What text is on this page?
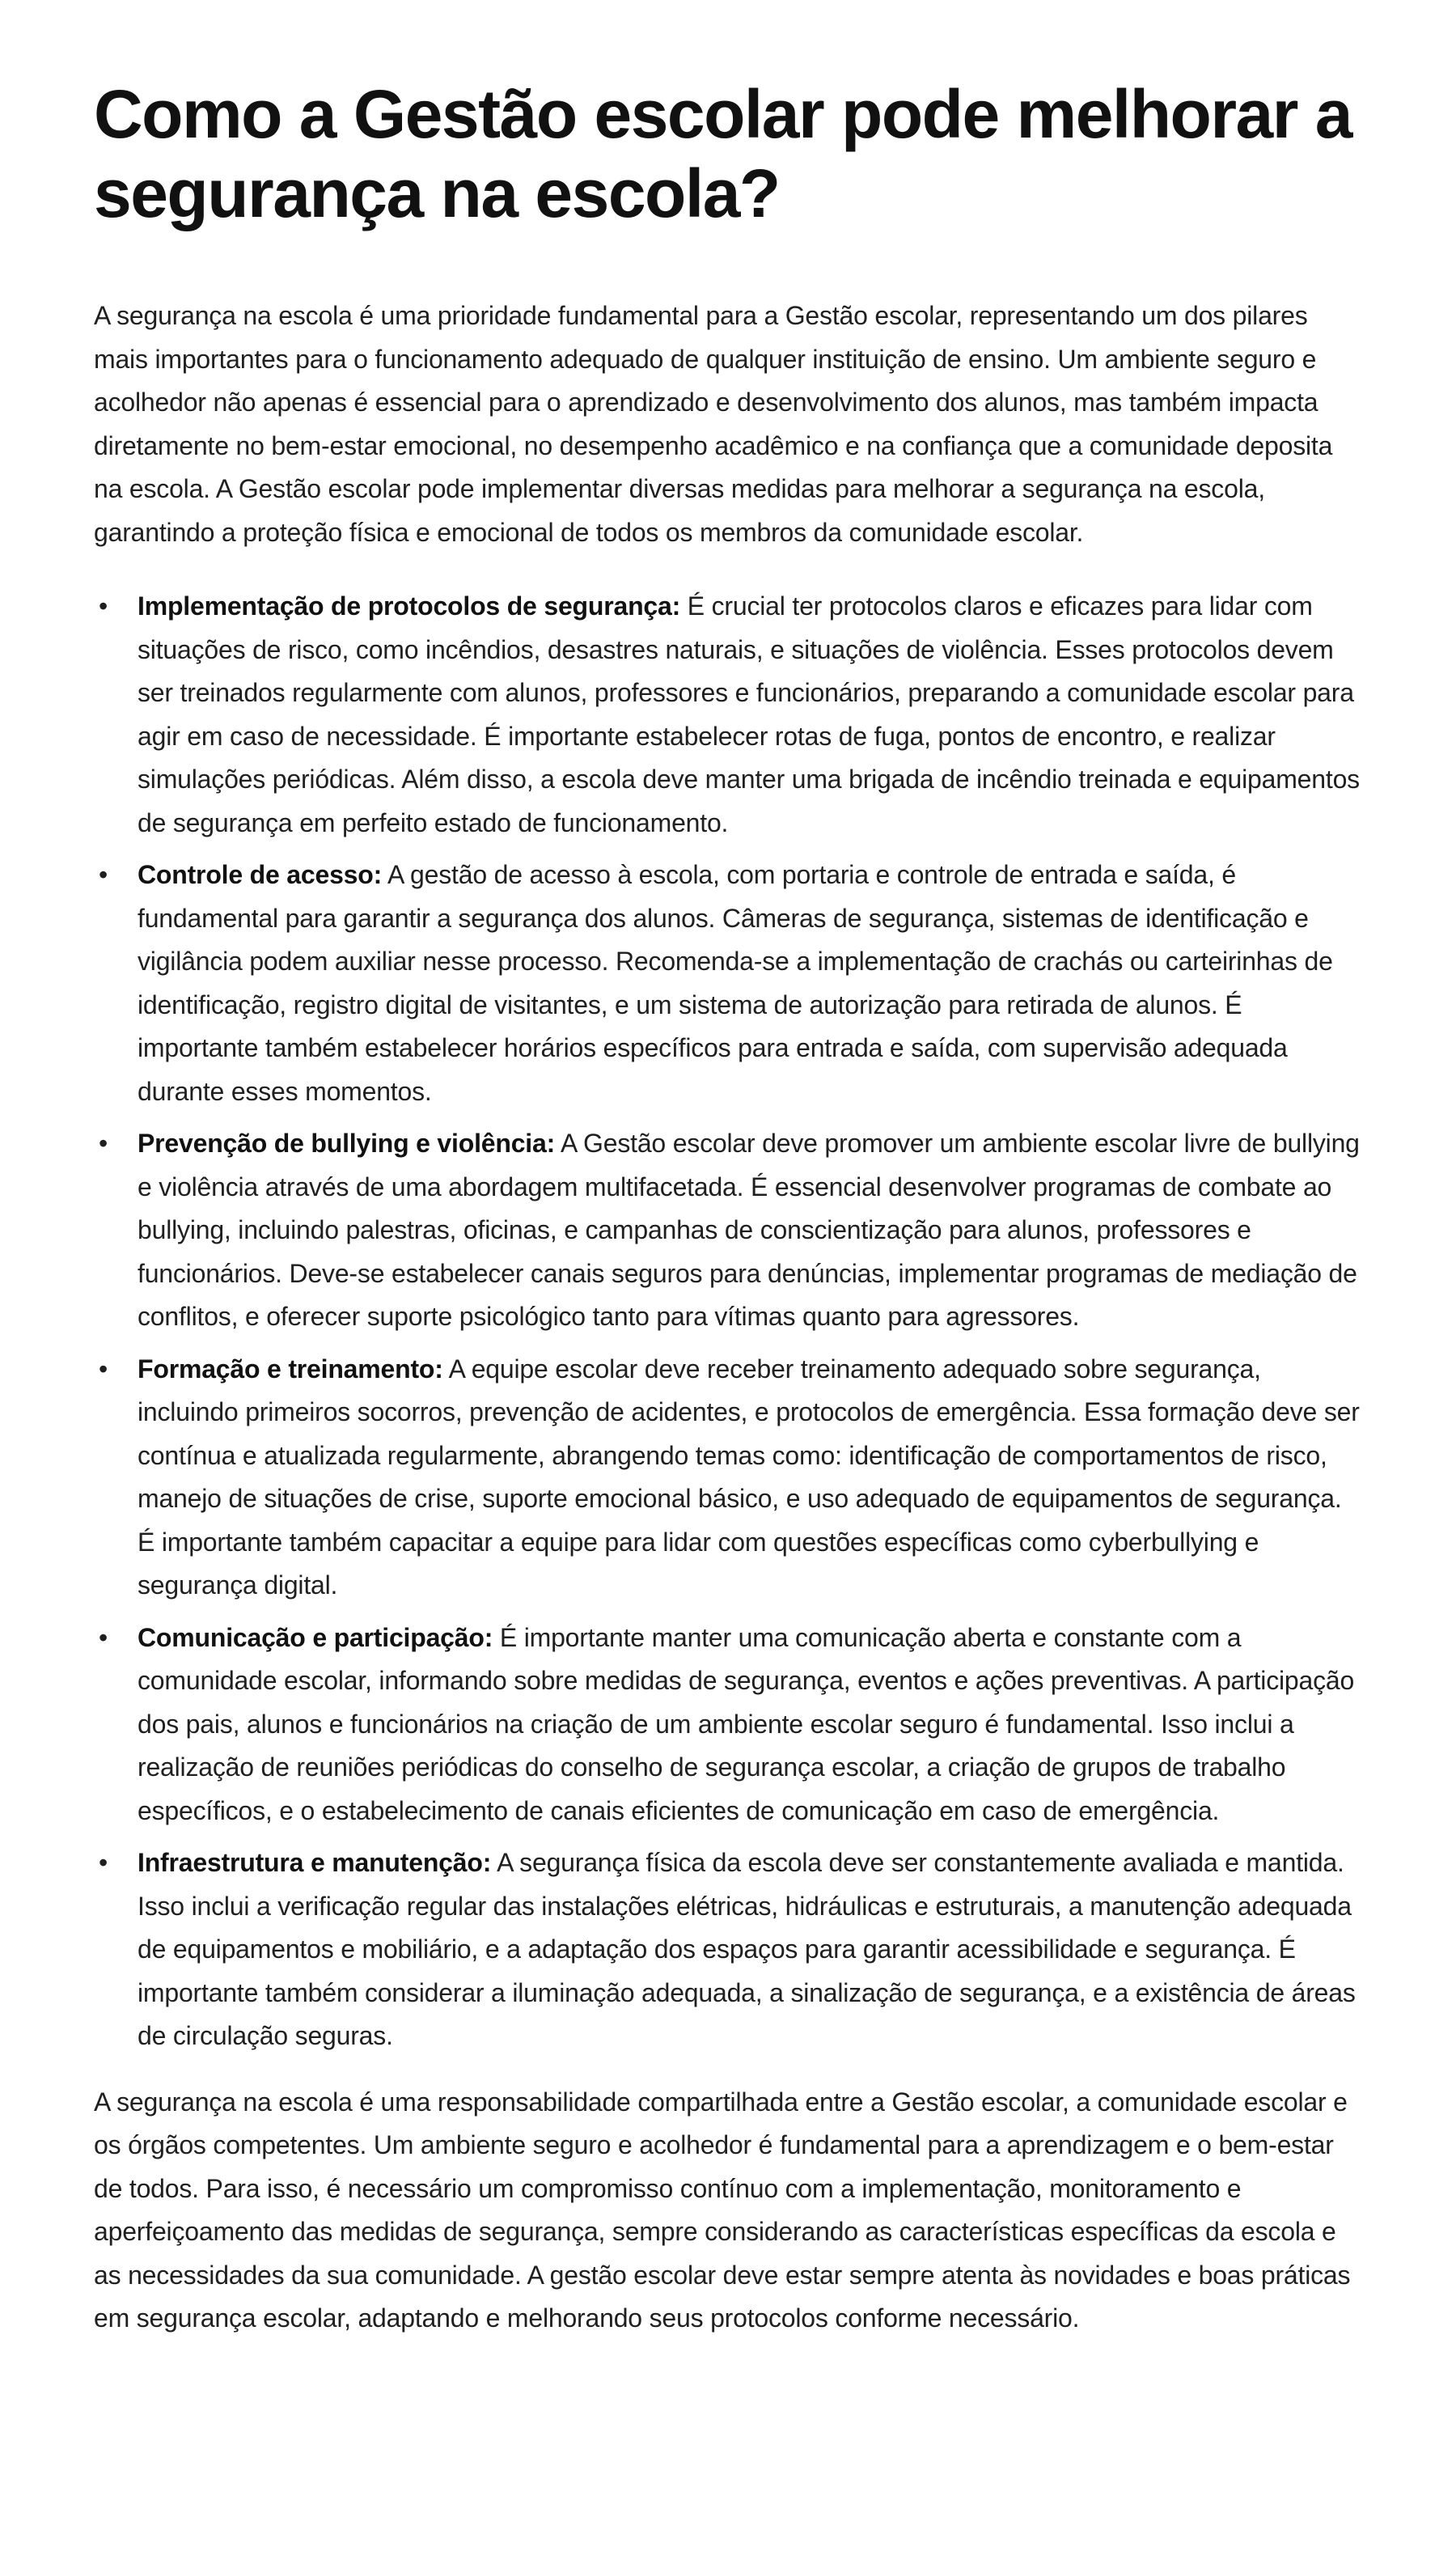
Como a Gestão escolar pode melhorar a segurança na escola?

A segurança na escola é uma prioridade fundamental para a Gestão escolar, representando um dos pilares mais importantes para o funcionamento adequado de qualquer instituição de ensino. Um ambiente seguro e acolhedor não apenas é essencial para o aprendizado e desenvolvimento dos alunos, mas também impacta diretamente no bem-estar emocional, no desempenho acadêmico e na confiança que a comunidade deposita na escola. A Gestão escolar pode implementar diversas medidas para melhorar a segurança na escola, garantindo a proteção física e emocional de todos os membros da comunidade escolar.

• Implementação de protocolos de segurança: É crucial ter protocolos claros e eficazes para lidar com situações de risco, como incêndios, desastres naturais, e situações de violência. Esses protocolos devem ser treinados regularmente com alunos, professores e funcionários, preparando a comunidade escolar para agir em caso de necessidade. É importante estabelecer rotas de fuga, pontos de encontro, e realizar simulações periódicas. Além disso, a escola deve manter uma brigada de incêndio treinada e equipamentos de segurança em perfeito estado de funcionamento.
• Controle de acesso: A gestão de acesso à escola, com portaria e controle de entrada e saída, é fundamental para garantir a segurança dos alunos. Câmeras de segurança, sistemas de identificação e vigilância podem auxiliar nesse processo. Recomenda-se a implementação de crachás ou carteirinhas de identificação, registro digital de visitantes, e um sistema de autorização para retirada de alunos. É importante também estabelecer horários específicos para entrada e saída, com supervisão adequada durante esses momentos.
• Prevenção de bullying e violência: A Gestão escolar deve promover um ambiente escolar livre de bullying e violência através de uma abordagem multifacetada. É essencial desenvolver programas de combate ao bullying, incluindo palestras, oficinas, e campanhas de conscientização para alunos, professores e funcionários. Deve-se estabelecer canais seguros para denúncias, implementar programas de mediação de conflitos, e oferecer suporte psicológico tanto para vítimas quanto para agressores.
• Formação e treinamento: A equipe escolar deve receber treinamento adequado sobre segurança, incluindo primeiros socorros, prevenção de acidentes, e protocolos de emergência. Essa formação deve ser contínua e atualizada regularmente, abrangendo temas como: identificação de comportamentos de risco, manejo de situações de crise, suporte emocional básico, e uso adequado de equipamentos de segurança. É importante também capacitar a equipe para lidar com questões específicas como cyberbullying e segurança digital.
• Comunicação e participação: É importante manter uma comunicação aberta e constante com a comunidade escolar, informando sobre medidas de segurança, eventos e ações preventivas. A participação dos pais, alunos e funcionários na criação de um ambiente escolar seguro é fundamental. Isso inclui a realização de reuniões periódicas do conselho de segurança escolar, a criação de grupos de trabalho específicos, e o estabelecimento de canais eficientes de comunicação em caso de emergência.
• Infraestrutura e manutenção: A segurança física da escola deve ser constantemente avaliada e mantida. Isso inclui a verificação regular das instalações elétricas, hidráulicas e estruturais, a manutenção adequada de equipamentos e mobiliário, e a adaptação dos espaços para garantir acessibilidade e segurança. É importante também considerar a iluminação adequada, a sinalização de segurança, e a existência de áreas de circulação seguras.

A segurança na escola é uma responsabilidade compartilhada entre a Gestão escolar, a comunidade escolar e os órgãos competentes. Um ambiente seguro e acolhedor é fundamental para a aprendizagem e o bem-estar de todos. Para isso, é necessário um compromisso contínuo com a implementação, monitoramento e aperfeiçoamento das medidas de segurança, sempre considerando as características específicas da escola e as necessidades da sua comunidade. A gestão escolar deve estar sempre atenta às novidades e boas práticas em segurança escolar, adaptando e melhorando seus protocolos conforme necessário.
